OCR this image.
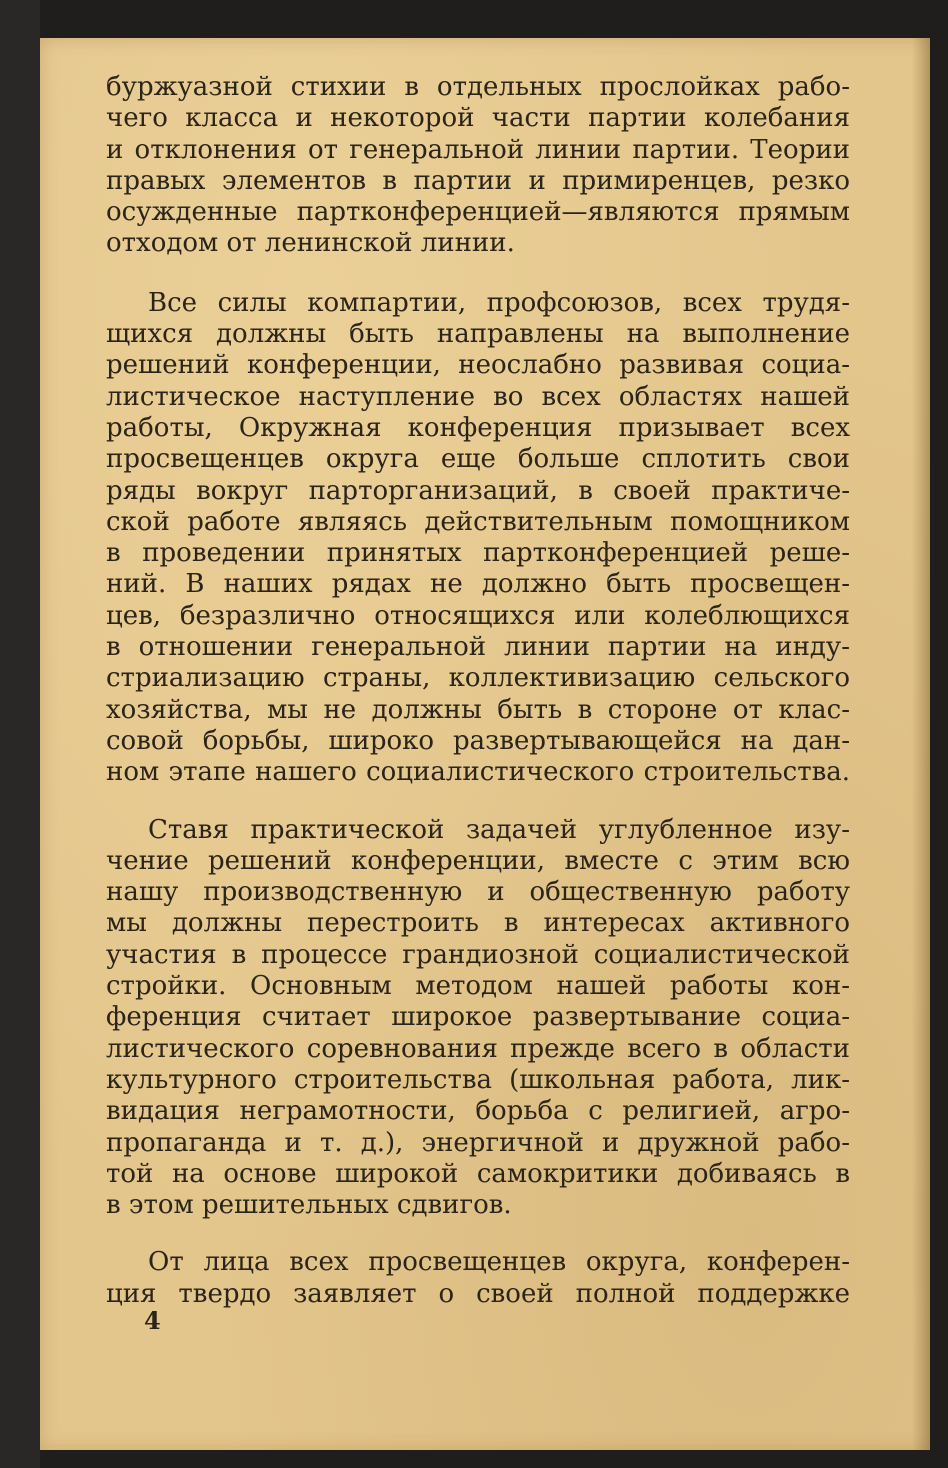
буржуазной стихии в отдельных прослойках рабо-
чего класса и некоторой части партии колебания
и отклонения от генеральной линии партии. Теории
правых элементов в партии и примиренцев, резко
осужденные партконференцией—являются прямым
отходом от ленинской линии.
Все силы компартии, профсоюзов, всех трудя-
щихся должны быть направлены на выполнение
решений конференции, неослабно развивая социа-
листическое наступление во всех областях нашей
работы, Окружная конференция призывает всех
просвещенцев округа еще больше сплотить свои
ряды вокруг парторганизаций, в своей практиче-
ской работе являясь действительным помощником
в проведении принятых партконференцией реше-
ний. В наших рядах не должно быть просвещен-
цев, безразлично относящихся или колеблющихся
в отношении генеральной линии партии на инду-
стриализацию страны, коллективизацию сельского
хозяйства, мы не должны быть в стороне от клас-
совой борьбы, широко развертывающейся на дан-
ном этапе нашего социалистического строительства.
Ставя практической задачей углубленное изу-
чение решений конференции, вместе с этим всю
нашу производственную и общественную работу
мы должны перестроить в интересах активного
участия в процессе грандиозной социалистической
стройки. Основным методом нашей работы кон-
ференция считает широкое развертывание социа-
листического соревнования прежде всего в области
культурного строительства (школьная работа, лик-
видация неграмотности, борьба с религией, агро-
пропаганда и т. д.), энергичной и дружной рабо-
той на основе широкой самокритики добиваясь в
в этом решительных сдвигов.
От лица всех просвещенцев округа, конферен-
ция твердо заявляет о своей полной поддержке
4
